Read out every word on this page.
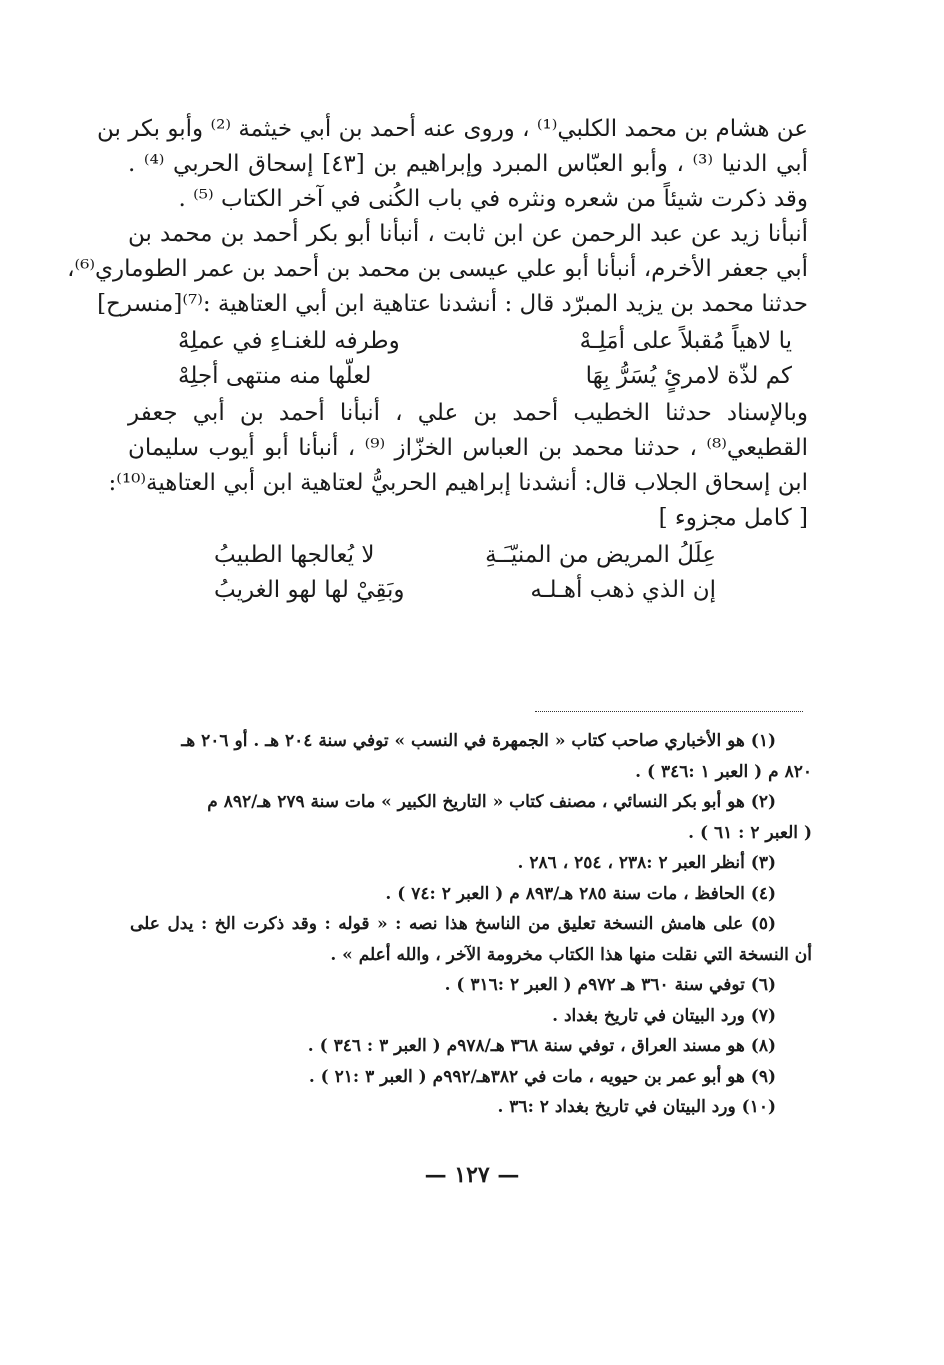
عن هشام بن محمد الكلبي⁽¹⁾ ، وروى عنه أحمد بن أبي خيثمة ⁽²⁾ وأبو بكر بن
أبي الدنيا ⁽³⁾ ، وأبو العبّاس المبرد وإبراهيم بن [٤٣] إسحاق الحربي ⁽⁴⁾ .
وقد ذكرت شيئاً من شعره ونثره في باب الكُنى في آخر الكتاب ⁽⁵⁾ .
أنبأنا زيد عن عبد الرحمن عن ابن ثابت ، أنبأنا أبو بكر أحمد بن محمد بن
أبي جعفر الأخرم، أنبأنا أبو علي عيسى بن محمد بن أحمد بن عمر الطوماري⁽⁶⁾،
حدثنا محمد بن يزيد المبرّد قال : أنشدنا عتاهية ابن أبي العتاهية :⁽⁷⁾[منسرح]
يا لاهياً مُقبلاً على أمَلِـهْ
وطرفه للغنـاءِ في عملِهْ
كم لذّة لامرئٍ يُسَرُّ بِهَا
لعلّها منه منتهى أجلِهْ
وبالإسناد حدثنا الخطيب أحمد بن علي ، أنبأنا أحمد بن أبي جعفر
القطيعي⁽⁸⁾ ، حدثنا محمد بن العباس الخزّاز ⁽⁹⁾ ، أنبأنا أبو أيوب سليمان
ابن إسحاق الجلاب قال: أنشدنا إبراهيم الحربيُّ لعتاهية ابن أبي العتاهية⁽¹⁰⁾:
[ كامل مجزوء ]
عِلَلُ المريض من المنيّـَـةِ
لا يُعالجها الطبيبُ
إن الذي ذهب أهـلـه
وبَقِيْ لها لهو الغريبُ
(١) هو الأخباري صاحب كتاب « الجمهرة في النسب » توفي سنة ٢٠٤ هـ . أو ٢٠٦ هـ
٨٢٠ م ( العبر ١ :٣٤٦ ) .
(٢) هو أبو بكر النسائي ، مصنف كتاب « التاريخ الكبير » مات سنة ٢٧٩ هـ/٨٩٢ م
( العبر ٢ : ٦١ ) .
(٣) أنظر العبر ٢ :٢٣٨ ، ٢٥٤ ، ٢٨٦ .
(٤) الحافظ ، مات سنة ٢٨٥ هـ/٨٩٣ م ( العبر ٢ :٧٤ ) .
(٥) على هامش النسخة تعليق من الناسخ هذا نصه : « قوله : وقد ذكرت الخ : يدل على
أن النسخة التي نقلت منها هذا الكتاب مخرومة الآخر ، والله أعلم » .
(٦) توفي سنة ٣٦٠ هـ ٩٧٢م ( العبر ٢ :٣١٦ ) .
(٧) ورد البيتان في تاريخ بغداد .
(٨) هو مسند العراق ، توفي سنة ٣٦٨ هـ/٩٧٨م ( العبر ٣ : ٣٤٦ ) .
(٩) هو أبو عمر بن حيويه ، مات في ٣٨٢هـ/٩٩٢م ( العبر ٣ :٢١ ) .
(١٠) ورد البيتان في تاريخ بغداد ٢ :٣٦ .
— ١٢٧ —
